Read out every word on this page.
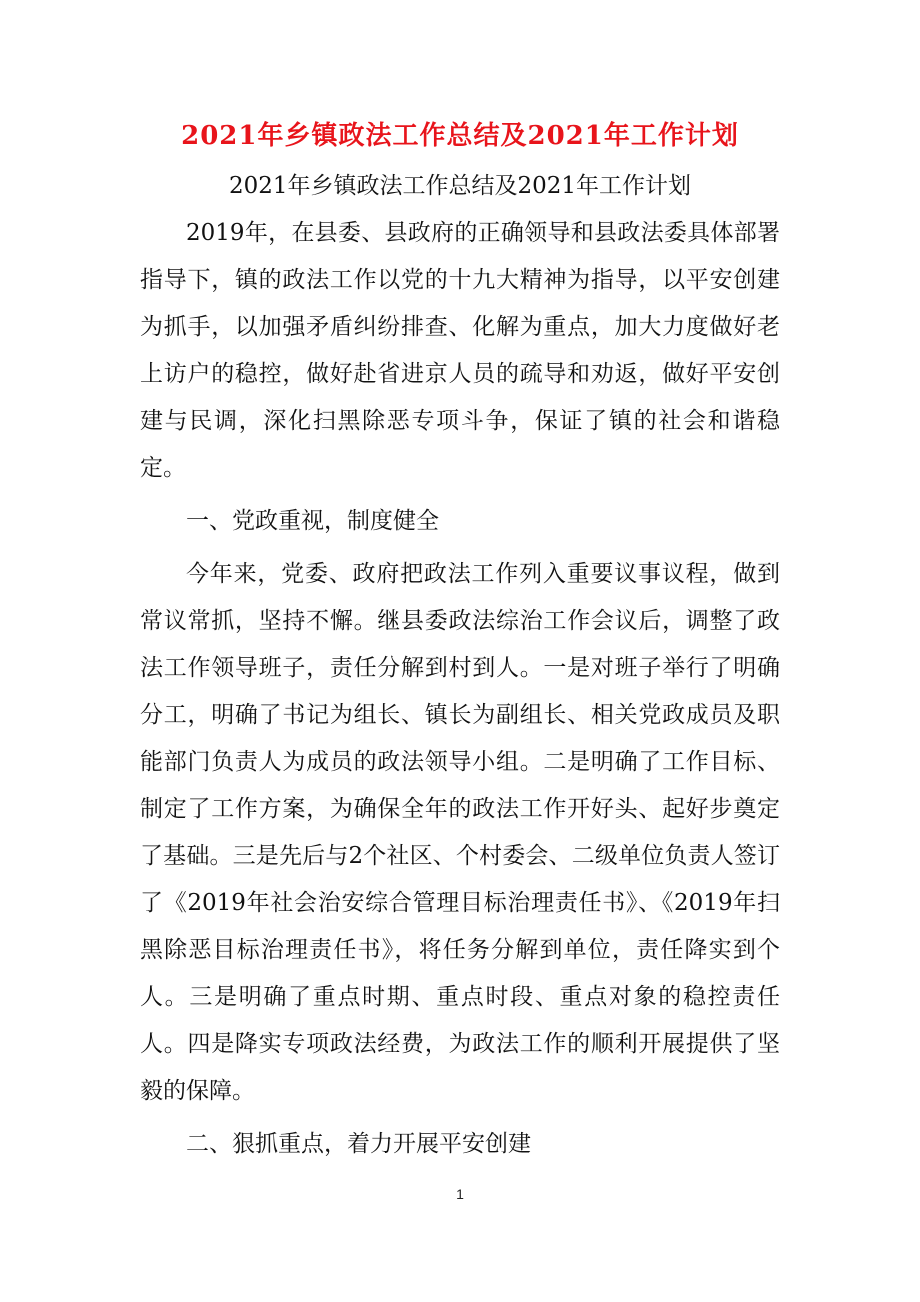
2021年乡镇政法工作总结及2021年工作计划
2021年乡镇政法工作总结及2021年工作计划

2019年，在县委、县政府的正确领导和县政法委具体部署指导下，镇的政法工作以党的十九大精神为指导，以平安创建为抓手，以加强矛盾纠纷排查、化解为重点，加大力度做好老上访户的稳控，做好赴省进京人员的疏导和劝返，做好平安创建与民调，深化扫黑除恶专项斗争，保证了镇的社会和谐稳定。

一、党政重视，制度健全

今年来，党委、政府把政法工作列入重要议事议程，做到常议常抓，坚持不懈。继县委政法综治工作会议后，调整了政法工作领导班子，责任分解到村到人。一是对班子举行了明确分工，明确了书记为组长、镇长为副组长、相关党政成员及职能部门负责人为成员的政法领导小组。二是明确了工作目标、制定了工作方案，为确保全年的政法工作开好头、起好步奠定了基础。三是先后与2个社区、个村委会、二级单位负责人签订了《2019年社会治安综合管理目标治理责任书》、《2019年扫黑除恶目标治理责任书》，将任务分解到单位，责任降实到个人。三是明确了重点时期、重点时段、重点对象的稳控责任人。四是降实专项政法经费，为政法工作的顺利开展提供了坚毅的保障。

二、狠抓重点，着力开展平安创建

1
